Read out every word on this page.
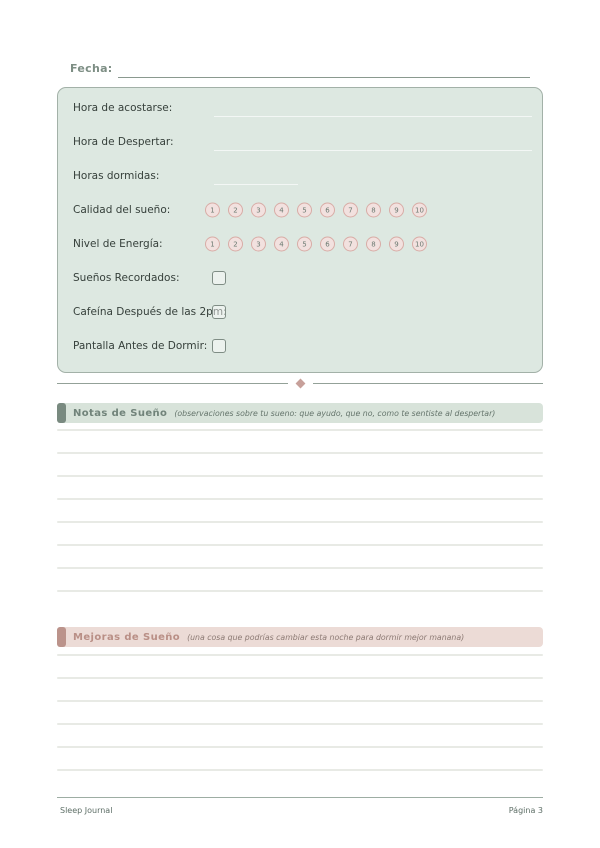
Fecha:
Hora de acostarse:
Hora de Despertar:
Horas dormidas:
Calidad del sueño:	1	2	3	4	5	6	7	8	9	10
Nivel de Energía:	1	2	3	4	5	6	7	8	9	10
Sueños Recordados:
Cafeína Después de las 2pm:
Pantalla Antes de Dormir:
Notas de Sueño (observaciones sobre tu sueno: que ayudo, que no, como te sentiste al despertar)
Mejoras de Sueño (una cosa que podrías cambiar esta noche para dormir mejor manana)
Sleep Journal	Página 3
